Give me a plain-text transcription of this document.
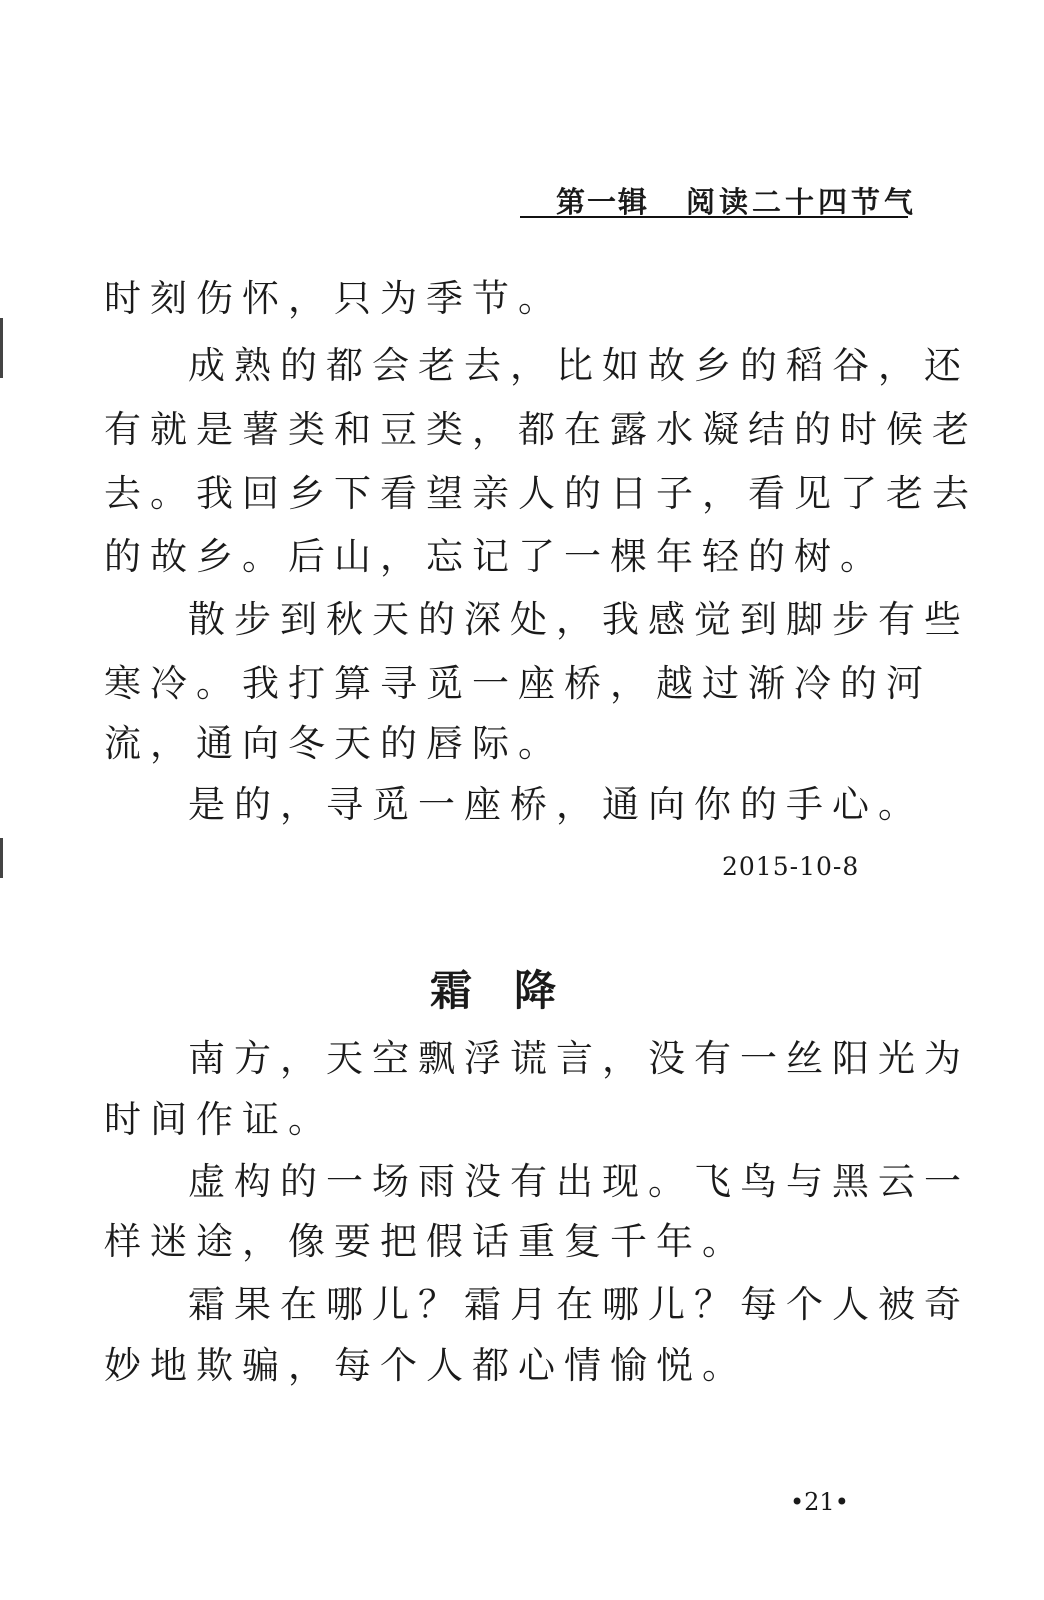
第一辑 阅读二十四节气
时刻伤怀，只为季节。
成熟的都会老去，比如故乡的稻谷，还
有就是薯类和豆类，都在露水凝结的时候老
去。我回乡下看望亲人的日子，看见了老去
的故乡。后山，忘记了一棵年轻的树。
散步到秋天的深处，我感觉到脚步有些
寒冷。我打算寻觅一座桥，越过渐冷的河
流，通向冬天的唇际。
是的，寻觅一座桥，通向你的手心。
2015-10-8
霜　降
南方，天空飘浮谎言，没有一丝阳光为
时间作证。
虚构的一场雨没有出现。飞鸟与黑云一
样迷途，像要把假话重复千年。
霜果在哪儿？霜月在哪儿？每个人被奇
妙地欺骗，每个人都心情愉悦。
•21•
